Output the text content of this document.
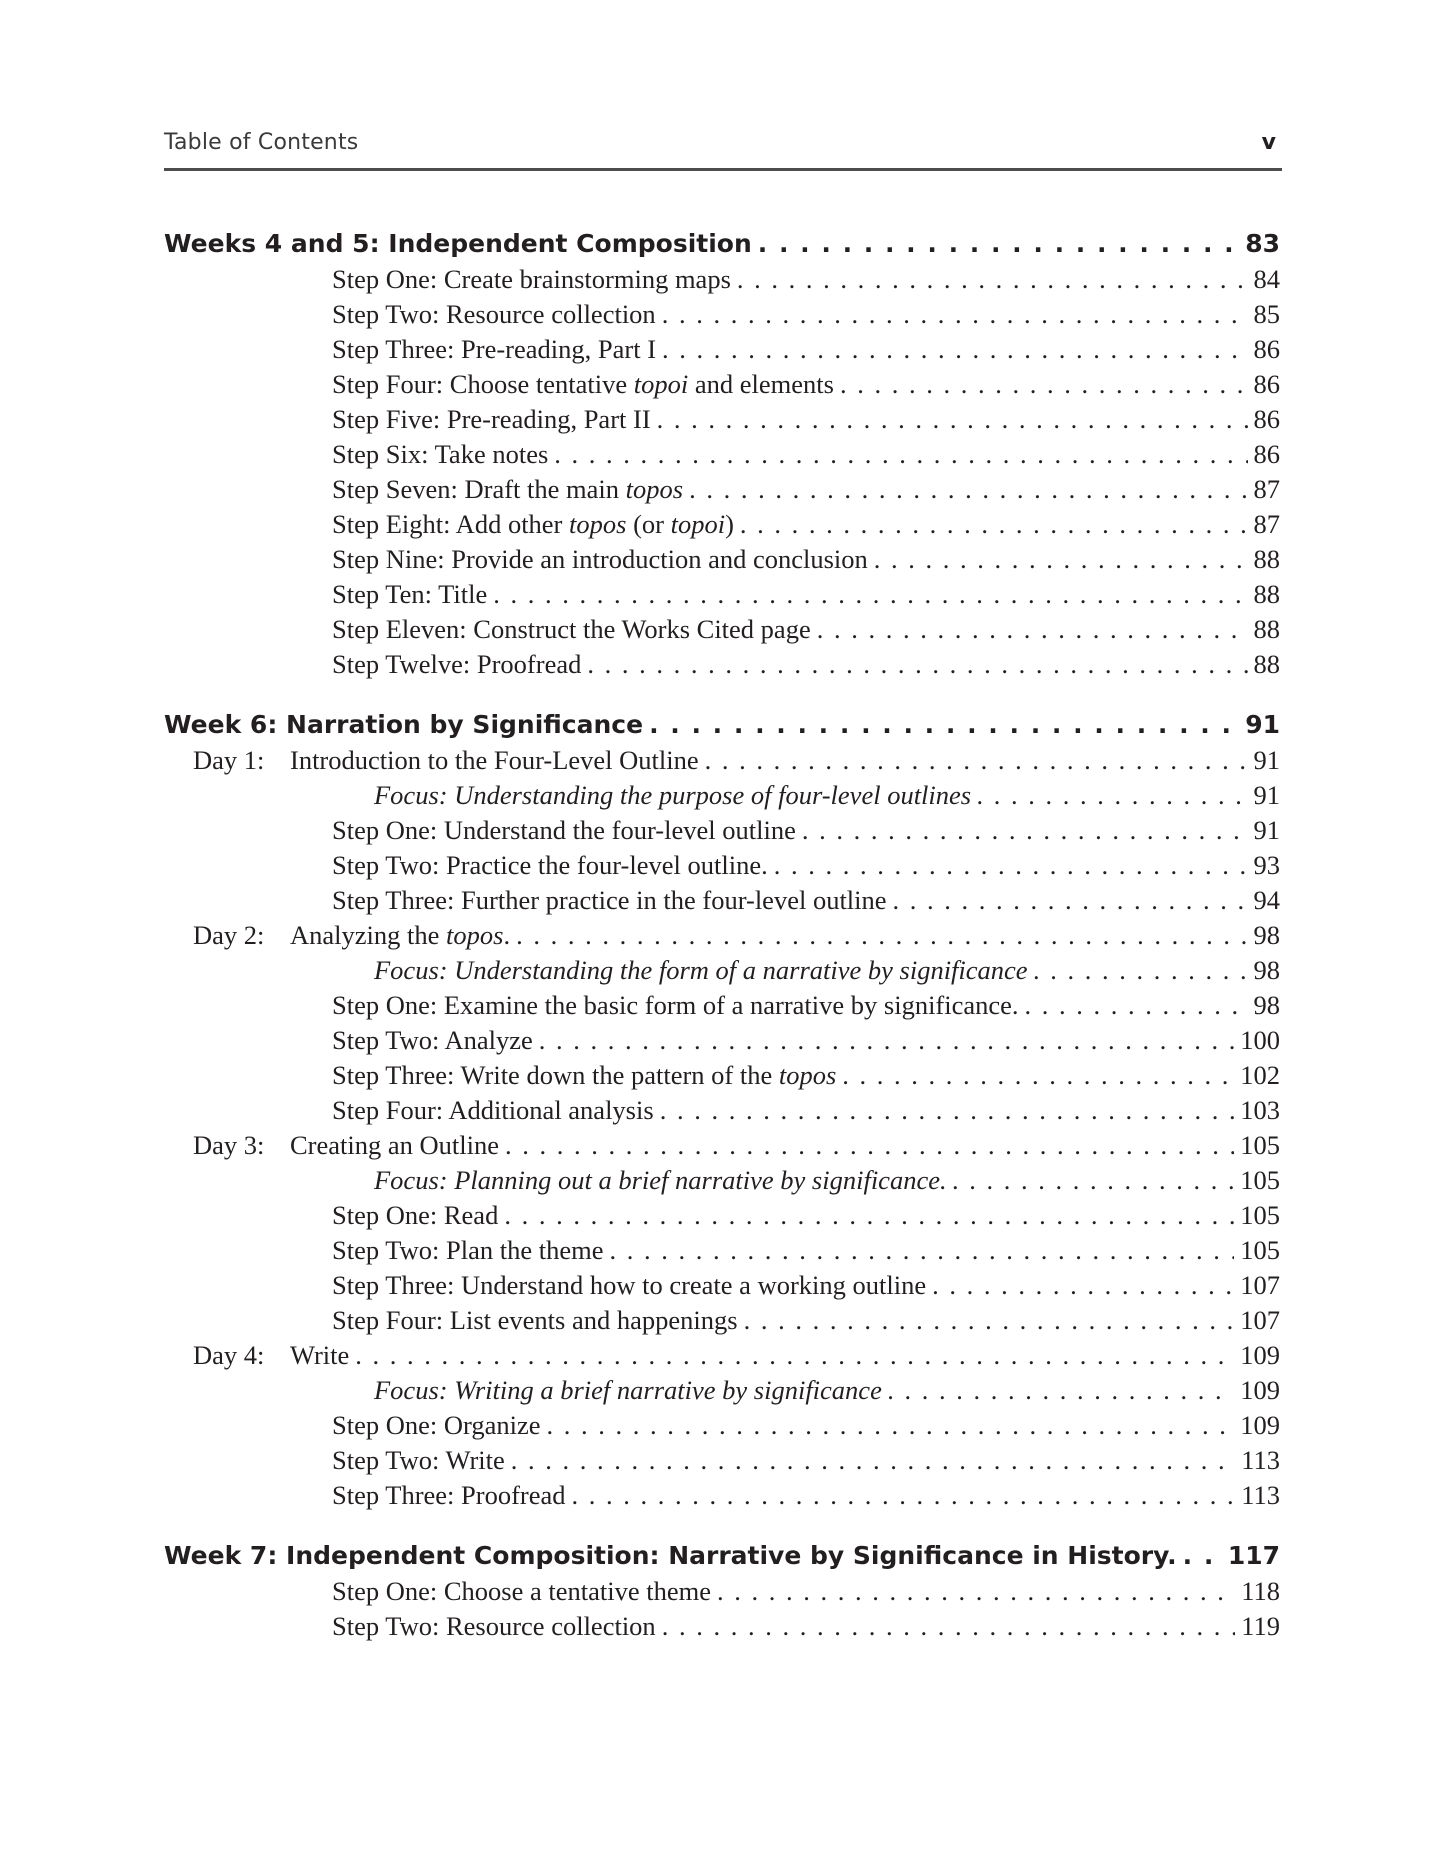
Table of Contents	v
Weeks 4 and 5: Independent Composition . . .	83
Step One: Create brainstorming maps . . .	84
Step Two: Resource collection . . .	85
Step Three: Pre-reading, Part I . . .	86
Step Four: Choose tentative topoi and elements . . .	86
Step Five: Pre-reading, Part II . . .	86
Step Six: Take notes . . .	86
Step Seven: Draft the main topos . . .	87
Step Eight: Add other topos (or topoi) . . .	87
Step Nine: Provide an introduction and conclusion . . .	88
Step Ten: Title . . .	88
Step Eleven: Construct the Works Cited page . . .	88
Step Twelve: Proofread . . .	88
Week 6: Narration by Significance . . .	91
Day 1: Introduction to the Four-Level Outline . . .	91
Focus: Understanding the purpose of four-level outlines . . .	91
Step One: Understand the four-level outline . . .	91
Step Two: Practice the four-level outline. . . .	93
Step Three: Further practice in the four-level outline . . .	94
Day 2: Analyzing the topos. . . .	98
Focus: Understanding the form of a narrative by significance . . .	98
Step One: Examine the basic form of a narrative by significance. . . .	98
Step Two: Analyze . . .	100
Step Three: Write down the pattern of the topos . . .	102
Step Four: Additional analysis . . .	103
Day 3: Creating an Outline . . .	105
Focus: Planning out a brief narrative by significance. . . .	105
Step One: Read . . .	105
Step Two: Plan the theme . . .	105
Step Three: Understand how to create a working outline . . .	107
Step Four: List events and happenings . . .	107
Day 4: Write . . .	109
Focus: Writing a brief narrative by significance . . .	109
Step One: Organize . . .	109
Step Two: Write . . .	113
Step Three: Proofread . . .	113
Week 7: Independent Composition: Narrative by Significance in History. . . . 117
Step One: Choose a tentative theme . . .	118
Step Two: Resource collection . . .	119
